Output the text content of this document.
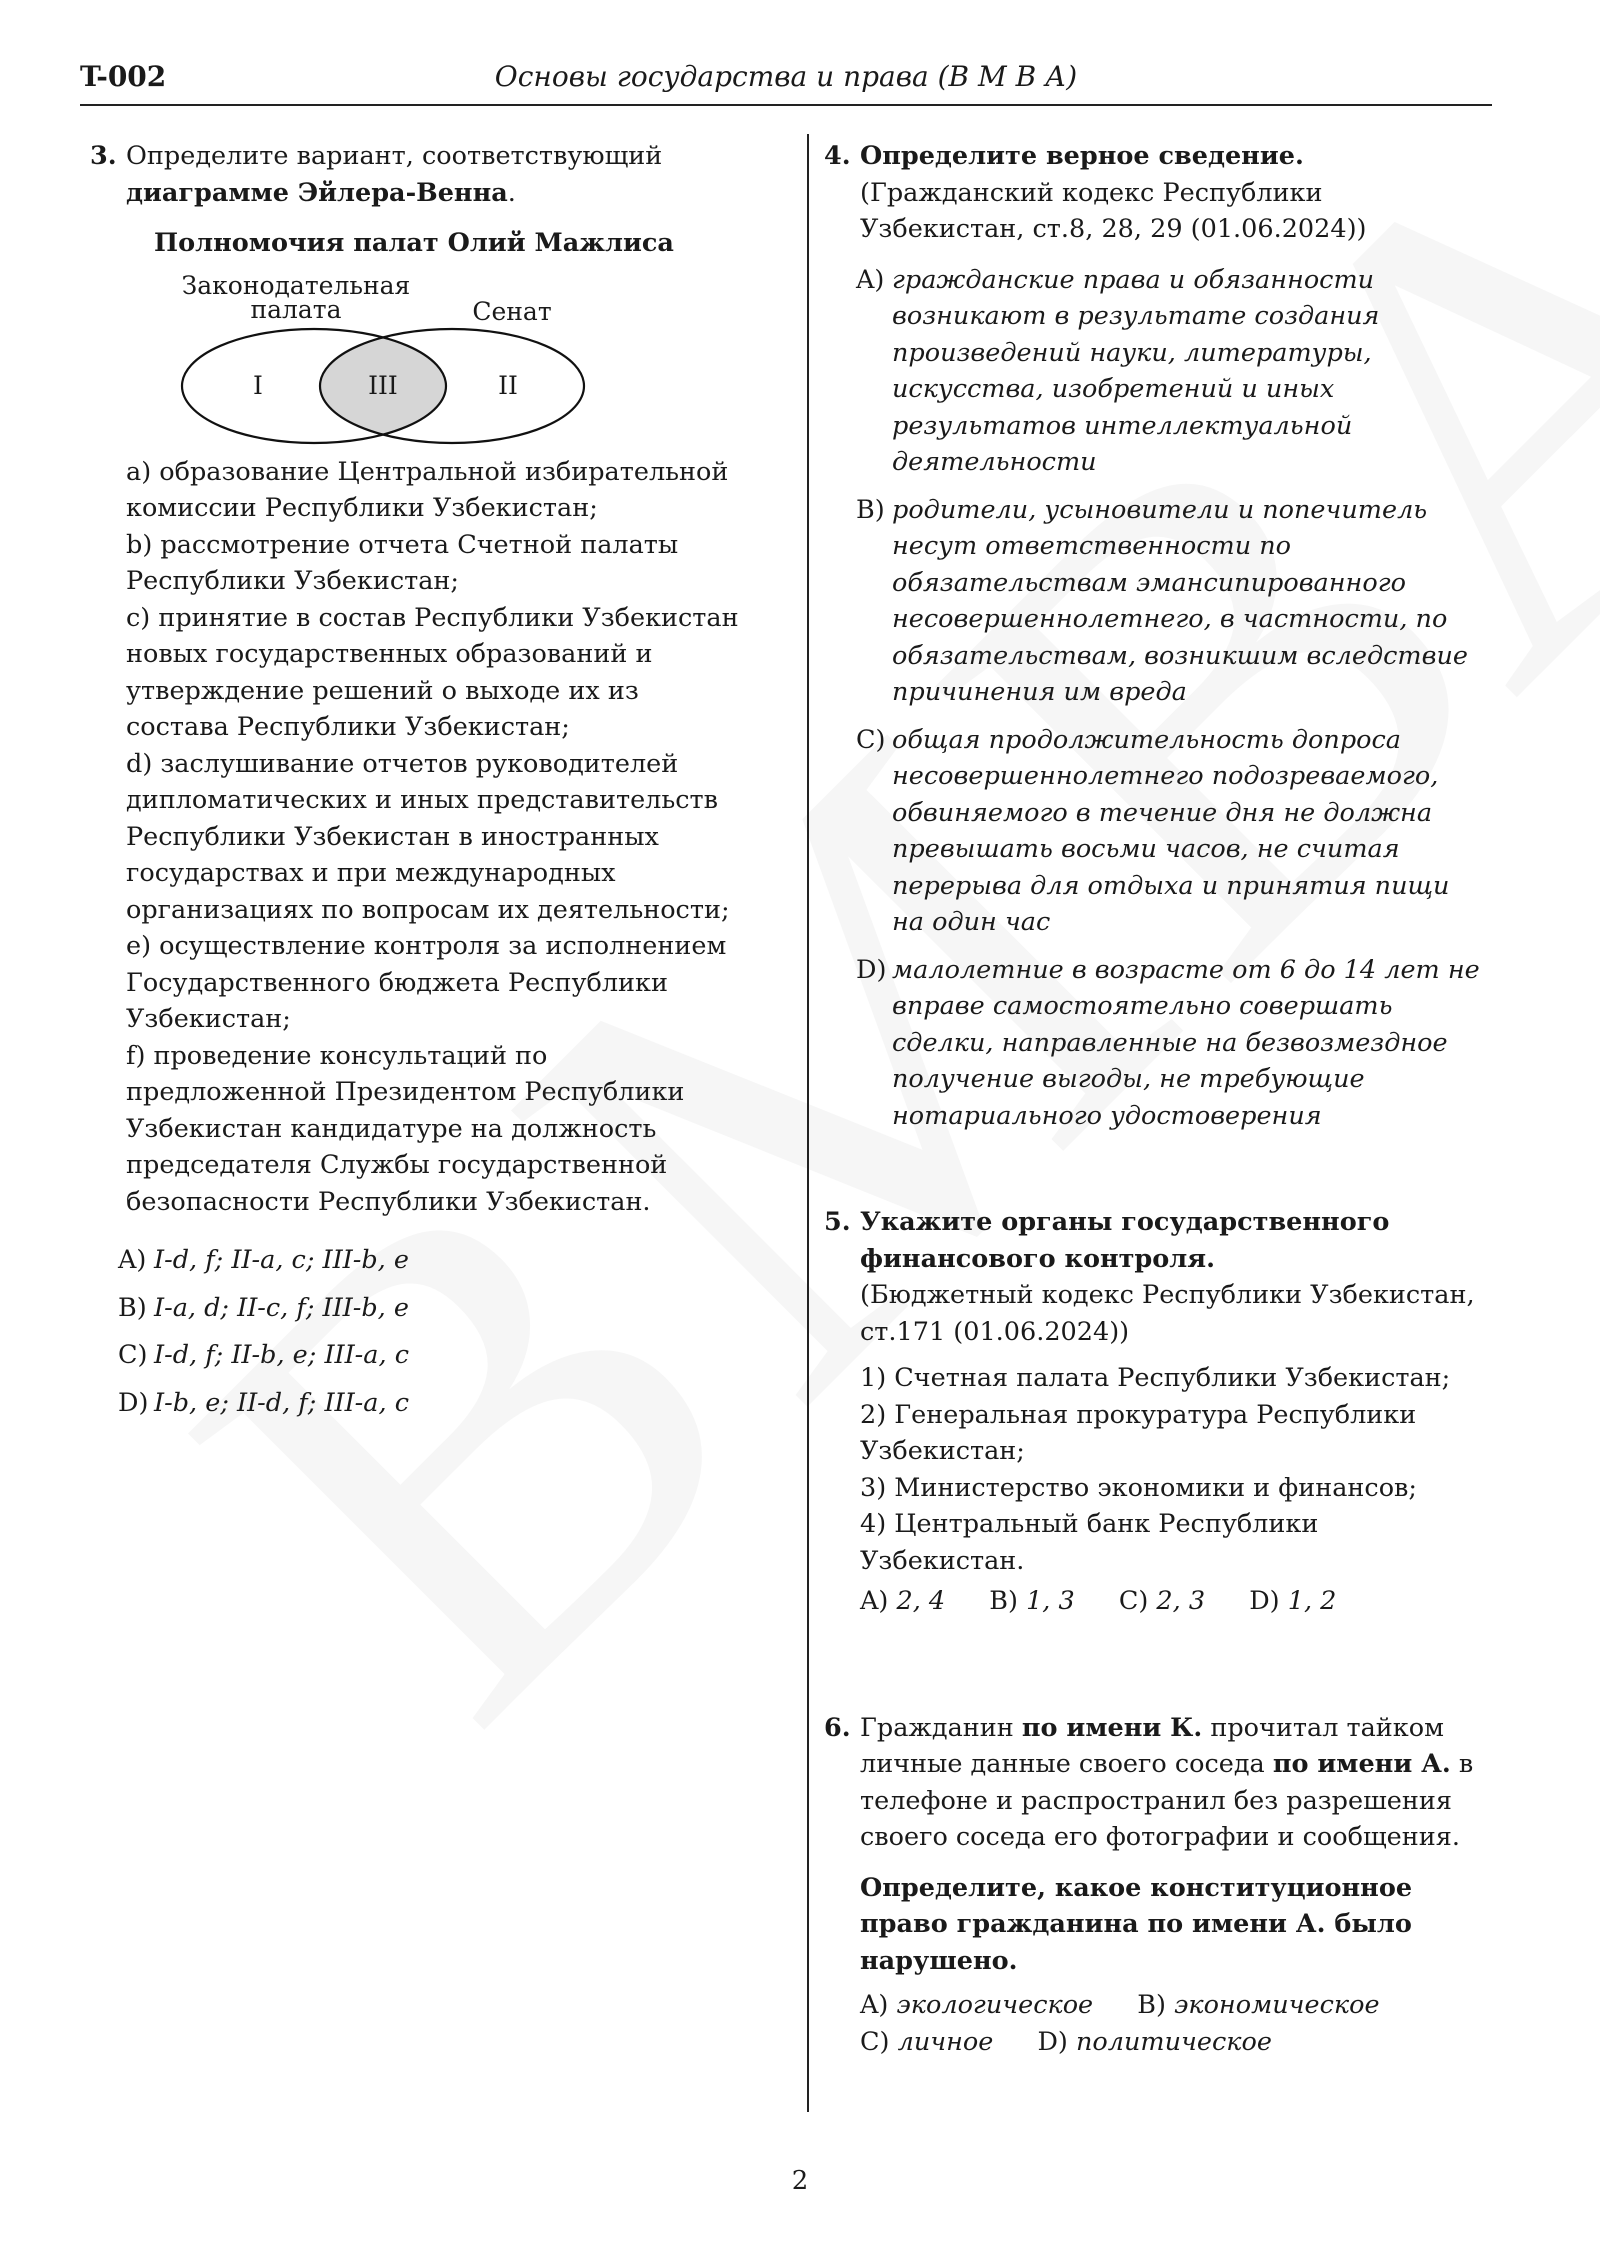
T-002	Основы государства и права (В М В А)
3. Определите вариант, соответствующий
диаграмме Эйлера-Венна.
Полномочия палат Олий Мажлиса
Законодательная
палата	Сенат
I	III	II
a) образование Центральной избирательной комиссии Республики Узбекистан;
b) рассмотрение отчета Счетной палаты Республики Узбекистан;
c) принятие в состав Республики Узбекистан новых государственных образований и утверждение решений о выходе их из состава Республики Узбекистан;
d) заслушивание отчетов руководителей дипломатических и иных представительств Республики Узбекистан в иностранных государствах и при международных организациях по вопросам их деятельности;
e) осуществление контроля за исполнением Государственного бюджета Республики Узбекистан;
f) проведение консультаций по предложенной Президентом Республики Узбекистан кандидатуре на должность председателя Службы государственной безопасности Республики Узбекистан.
A) I-d, f; II-a, c; III-b, e
B) I-a, d; II-c, f; III-b, e
C) I-d, f; II-b, e; III-a, c
D) I-b, e; II-d, f; III-a, c
4. Определите верное сведение.
(Гражданский кодекс Республики Узбекистан, ст.8, 28, 29 (01.06.2024))
A) гражданские права и обязанности возникают в результате создания произведений науки, литературы, искусства, изобретений и иных результатов интеллектуальной деятельности
B) родители, усыновители и попечитель несут ответственности по обязательствам эмансипированного несовершеннолетнего, в частности, по обязательствам, возникшим вследствие причинения им вреда
C) общая продолжительность допроса несовершеннолетнего подозреваемого, обвиняемого в течение дня не должна превышать восьми часов, не считая перерыва для отдыха и принятия пищи на один час
D) малолетние в возрасте от 6 до 14 лет не вправе самостоятельно совершать сделки, направленные на безвозмездное получение выгоды, не требующие нотариального удостоверения
5. Укажите органы государственного финансового контроля.
(Бюджетный кодекс Республики Узбекистан, ст.171 (01.06.2024))
1) Счетная палата Республики Узбекистан;
2) Генеральная прокуратура Республики Узбекистан;
3) Министерство экономики и финансов;
4) Центральный банк Республики Узбекистан.
A) 2, 4 B) 1, 3 C) 2, 3 D) 1, 2
6. Гражданин по имени К. прочитал тайком личные данные своего соседа по имени А. в телефоне и распространил без разрешения своего соседа его фотографии и сообщения.
Определите, какое конституционное право гражданина по имени А. было нарушено.
A) экологическое B) экономическое
C) личное D) политическое
2
